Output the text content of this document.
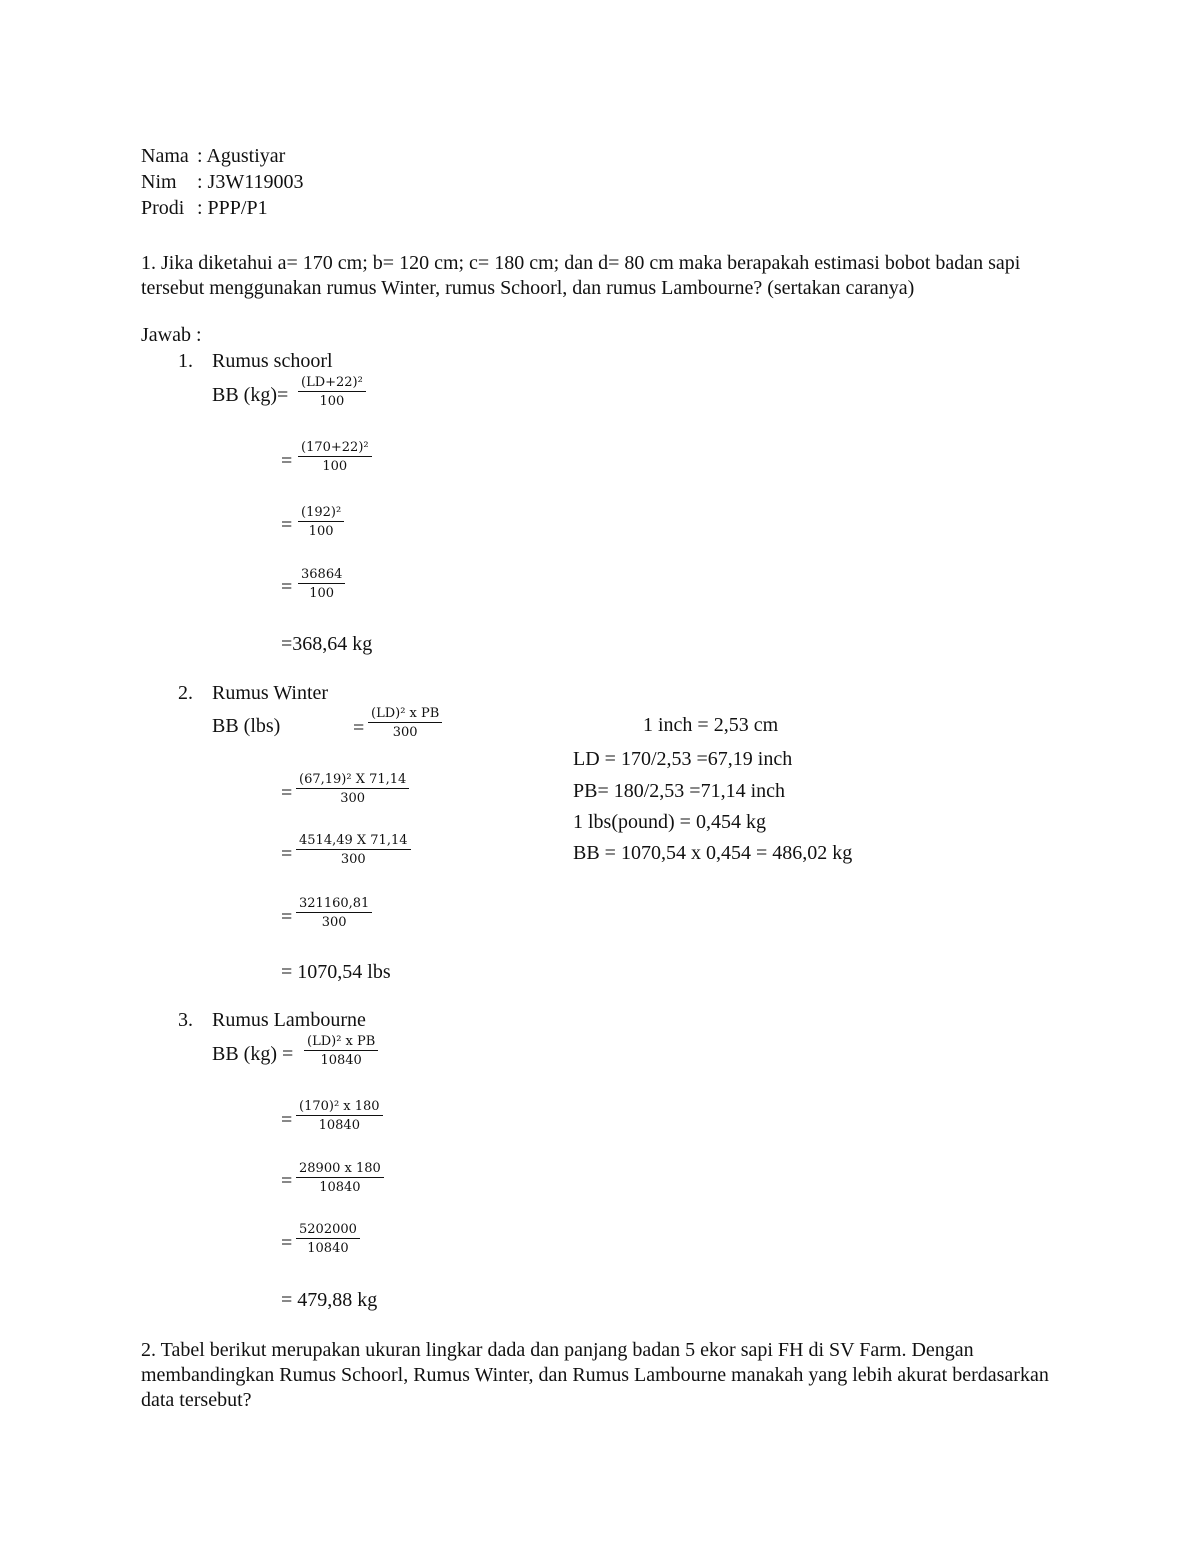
Nama : Agustiyar
Nim : J3W119003
Prodi : PPP/P1
1. Jika diketahui a= 170 cm; b= 120 cm; c= 180 cm; dan d= 80 cm maka berapakah estimasi bobot badan sapi tersebut menggunakan rumus Winter, rumus Schoorl, dan rumus Lambourne? (sertakan caranya)
Jawab :
1. Rumus schoorl
BB $(kg)= \frac{\text{(LD+22)²}}{100}$
= $\frac{\text{(170+22)²}}{100}$
= $\frac{\text{(192)²}}{100}$
= $\frac{36864}{100}$
=368,64 kg
2. Rumus Winter
BB (lbs)	= $\frac{\text{(LD)² x PB}}{300}$
= $\frac{\text{(67,19)² X 71,14}}{300}$
= $\frac{4514,49 X 71,14}{300}$
= $\frac{321160,81}{300}$
= 1070,54 lbs
1 inch = 2,53 cm
LD = 170/2,53 =67,19 inch
PB= 180/2,53 =71,14 inch
1 lbs(pound) = 0,454 kg
BB = 1070,54 x 0,454 = 486,02 kg
3. Rumus Lambourne
BB $(kg) = \frac{\text{(LD)² x PB}}{10840}$
= $\frac{\text{(170)² x 180}}{10840}$
= $\frac{28900 x 180}{10840}$
= $\frac{5202000}{10840}$
= 479,88 kg
2. Tabel berikut merupakan ukuran lingkar dada dan panjang badan 5 ekor sapi FH di SV Farm. Dengan membandingkan Rumus Schoorl, Rumus Winter, dan Rumus Lambourne manakah yang lebih akurat berdasarkan data tersebut?
